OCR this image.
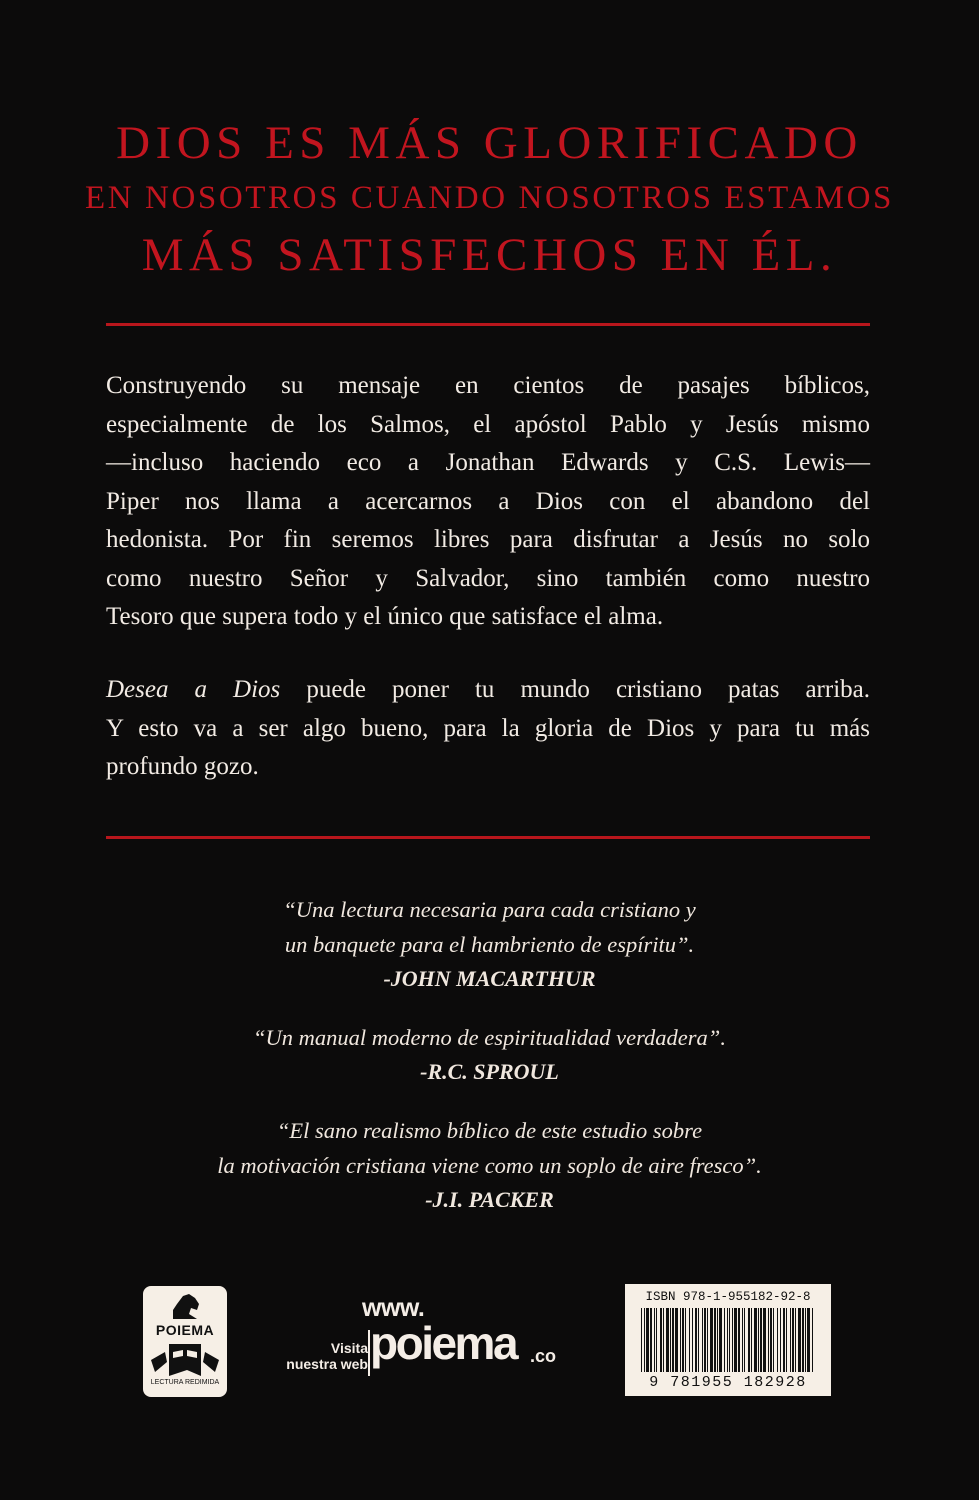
DIOS ES MÁS GLORIFICADO
EN NOSOTROS CUANDO NOSOTROS ESTAMOS
MÁS SATISFECHOS EN ÉL.
Construyendo su mensaje en cientos de pasajes bíblicos,
especialmente de los Salmos, el apóstol Pablo y Jesús mismo
—incluso haciendo eco a Jonathan Edwards y C.S. Lewis—
Piper nos llama a acercarnos a Dios con el abandono del
hedonista. Por fin seremos libres para disfrutar a Jesús no solo
como nuestro Señor y Salvador, sino también como nuestro
Tesoro que supera todo y el único que satisface el alma.
Desea a Dios puede poner tu mundo cristiano patas arriba.
Y esto va a ser algo bueno, para la gloria de Dios y para tu más
profundo gozo.
“Una lectura necesaria para cada cristiano y
un banquete para el hambriento de espíritu”.
-JOHN MACARTHUR
“Un manual moderno de espiritualidad verdadera”.
-R.C. SPROUL
“El sano realismo bíblico de este estudio sobre
la motivación cristiana viene como un soplo de aire fresco”.
-J.I. PACKER
POIEMA
LECTURA REDIMIDA
Visita
nuestra web
www.
poiema .co
ISBN 978-1-955182-92-8
9 781955 182928
